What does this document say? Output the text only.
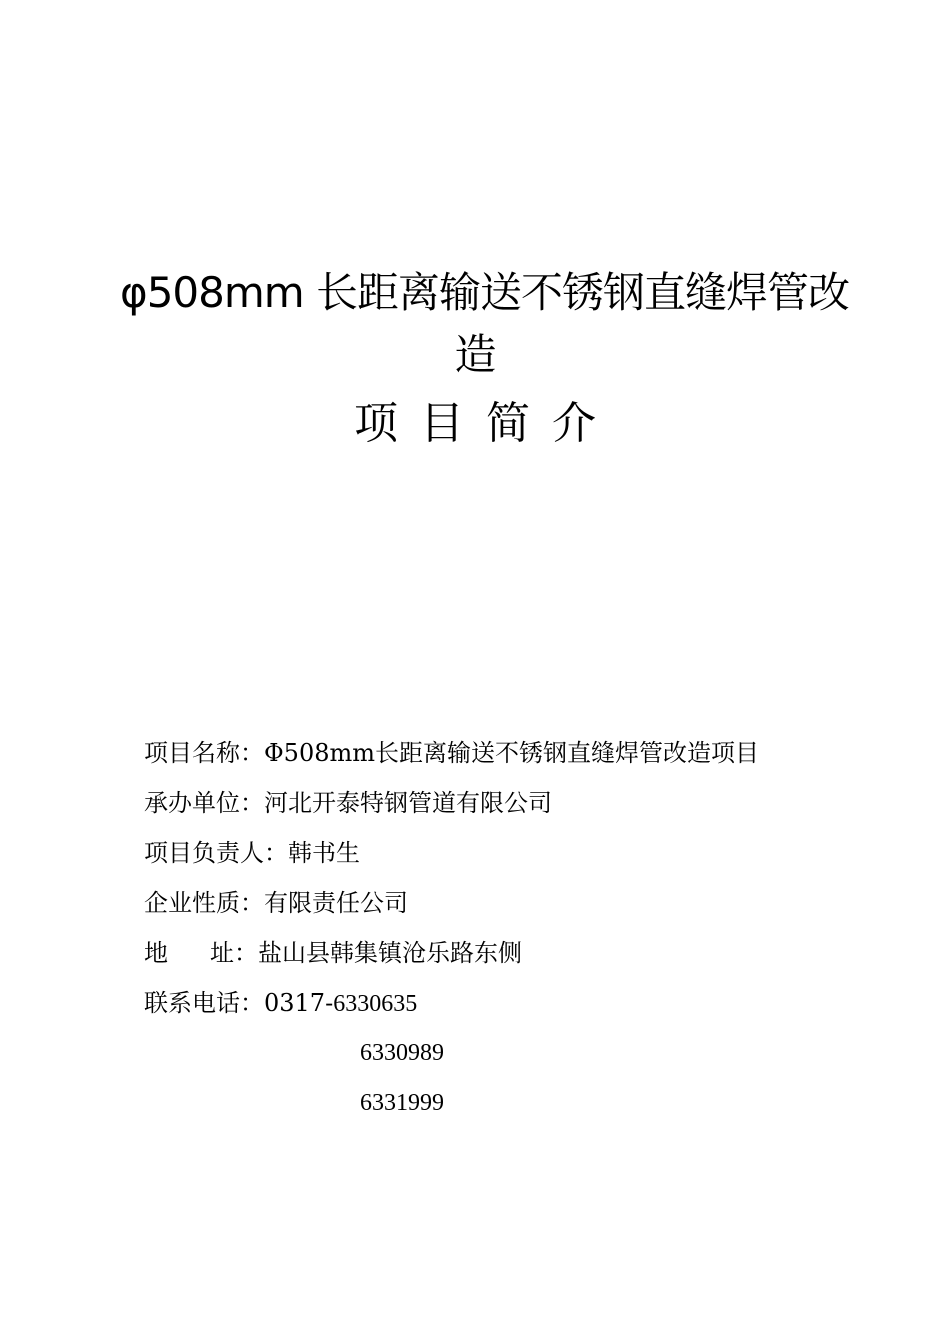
φ508mm 长距离输送不锈钢直缝焊管改
造
项目简介
项目名称：Φ508mm长距离输送不锈钢直缝焊管改造项目
承办单位：河北开泰特钢管道有限公司
项目负责人：韩书生
企业性质：有限责任公司
地址：盐山县韩集镇沧乐路东侧
联系电话：0317-6330635
6330989
6331999
